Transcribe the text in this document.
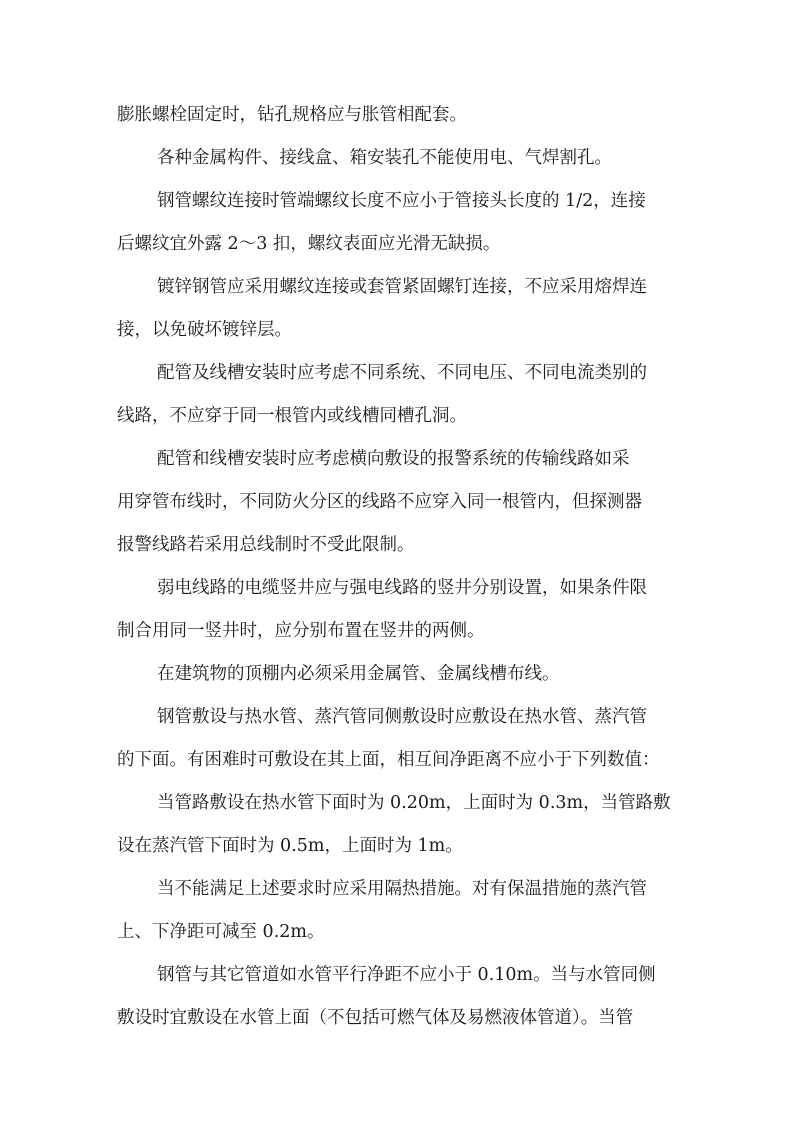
膨胀螺栓固定时，钻孔规格应与胀管相配套。
各种金属构件、接线盒、箱安装孔不能使用电、气焊割孔。
钢管螺纹连接时管端螺纹长度不应小于管接头长度的 1/2，连接
后螺纹宜外露 2～3 扣，螺纹表面应光滑无缺损。
镀锌钢管应采用螺纹连接或套管紧固螺钉连接，不应采用熔焊连
接，以免破坏镀锌层。
配管及线槽安装时应考虑不同系统、不同电压、不同电流类别的
线路，不应穿于同一根管内或线槽同槽孔洞。
配管和线槽安装时应考虑横向敷设的报警系统的传输线路如采
用穿管布线时，不同防火分区的线路不应穿入同一根管内，但探测器
报警线路若采用总线制时不受此限制。
弱电线路的电缆竖井应与强电线路的竖井分别设置，如果条件限
制合用同一竖井时，应分别布置在竖井的两侧。
在建筑物的顶棚内必须采用金属管、金属线槽布线。
钢管敷设与热水管、蒸汽管同侧敷设时应敷设在热水管、蒸汽管
的下面。有困难时可敷设在其上面，相互间净距离不应小于下列数值：
当管路敷设在热水管下面时为 0.20m，上面时为 0.3m，当管路敷
设在蒸汽管下面时为 0.5m，上面时为 1m。
当不能满足上述要求时应采用隔热措施。对有保温措施的蒸汽管
上、下净距可减至 0.2m。
钢管与其它管道如水管平行净距不应小于 0.10m。当与水管同侧
敷设时宜敷设在水管上面（不包括可燃气体及易燃液体管道）。当管
